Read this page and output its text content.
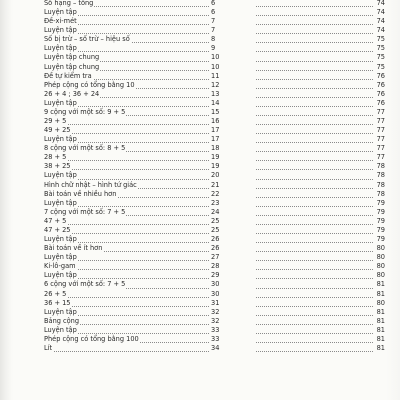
Số hạng – tổng	6	74
Luyện tập	6	74
Đề-xi-mét	7	74
Luyện tập	7	74
Số bị trừ – số trừ – hiệu số	8	75
Luyện tập	9	75
Luyện tập chung	10	75
Luyện tập chung	10	75
Đề tự kiểm tra	11	76
Phép cộng có tổng bằng 10	12	76
26 + 4 ; 36 + 24	13	76
Luyện tập	14	76
9 cộng với một số: 9 + 5	15	77
29 + 5	16	77
49 + 25	17	77
Luyện tập	17	77
8 cộng với một số: 8 + 5	18	77
28 + 5	19	77
38 + 25	19	78
Luyện tập	20	78
Hình chữ nhật – hình tứ giác	21	78
Bài toán về nhiều hơn	22	78
Luyện tập	23	79
7 cộng với một số: 7 + 5	24	79
47 + 5	25	79
47 + 25	25	79
Luyện tập	26	79
Bài toán về ít hơn	26	80
Luyện tập	27	80
Ki-lô-gam	28	80
Luyện tập	29	80
6 cộng với một số: 7 + 5	30	81
26 + 5	30	81
36 + 15	31	80
Luyện tập	32	81
Bảng cộng	32	81
Luyện tập	33	81
Phép cộng có tổng bằng 100	33	81
Lít	34	81
